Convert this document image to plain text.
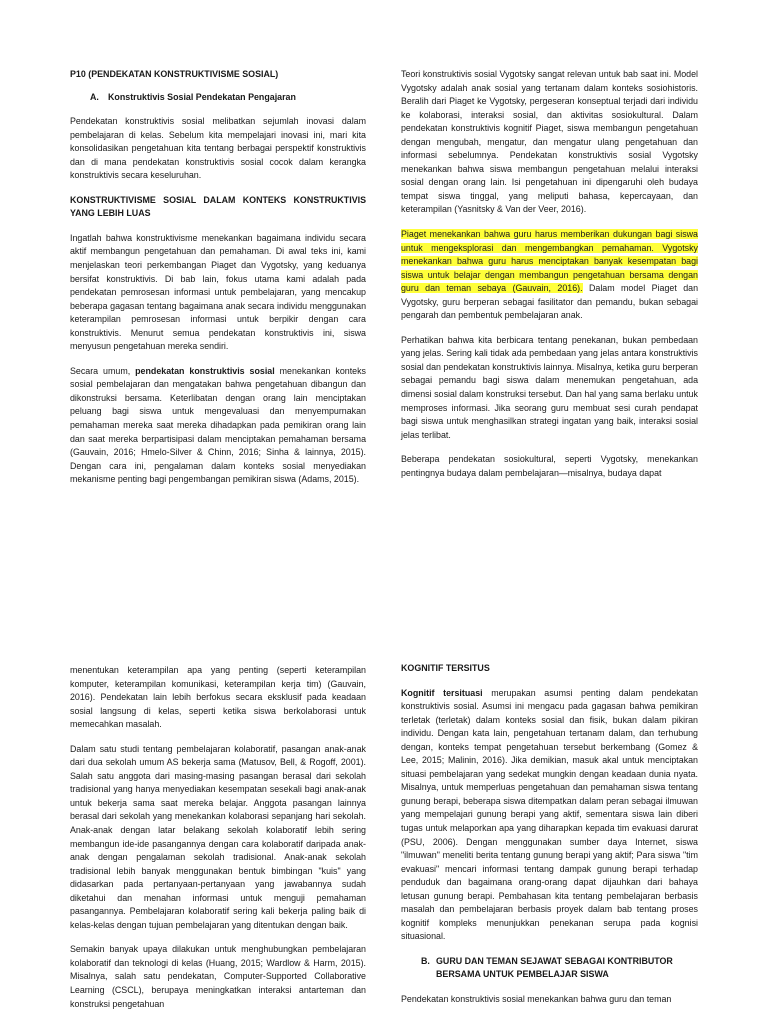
P10 (PENDEKATAN KONSTRUKTIVISME SOSIAL)
A. Konstruktivis Sosial Pendekatan Pengajaran

Pendekatan konstruktivis sosial melibatkan sejumlah inovasi dalam pembelajaran di kelas. Sebelum kita mempelajari inovasi ini, mari kita konsolidasikan pengetahuan kita tentang berbagai perspektif konstruktivis dan di mana pendekatan konstruktivis sosial cocok dalam kerangka konstruktivis secara keseluruhan.

KONSTRUKTIVISME SOSIAL DALAM KONTEKS KONSTRUKTIVIS YANG LEBIH LUAS

Ingatlah bahwa konstruktivisme menekankan bagaimana individu secara aktif membangun pengetahuan dan pemahaman. Di awal teks ini, kami menjelaskan teori perkembangan Piaget dan Vygotsky, yang keduanya bersifat konstruktivis. Di bab lain, fokus utama kami adalah pada pendekatan pemrosesan informasi untuk pembelajaran, yang mencakup beberapa gagasan tentang bagaimana anak secara individu menggunakan keterampilan pemrosesan informasi untuk berpikir dengan cara konstruktivis. Menurut semua pendekatan konstruktivis ini, siswa menyusun pengetahuan mereka sendiri.

Secara umum, pendekatan konstruktivis sosial menekankan konteks sosial pembelajaran dan mengatakan bahwa pengetahuan dibangun dan dikonstruksi bersama. Keterlibatan dengan orang lain menciptakan peluang bagi siswa untuk mengevaluasi dan menyempurnakan pemahaman mereka saat mereka dihadapkan pada pemikiran orang lain dan saat mereka berpartisipasi dalam menciptakan pemahaman bersama (Gauvain, 2016; Hmelo-Silver & Chinn, 2016; Sinha & lainnya, 2015). Dengan cara ini, pengalaman dalam konteks sosial menyediakan mekanisme penting bagi pengembangan pemikiran siswa (Adams, 2015).

Teori konstruktivis sosial Vygotsky sangat relevan untuk bab saat ini. Model Vygotsky adalah anak sosial yang tertanam dalam konteks sosiohistoris. Beralih dari Piaget ke Vygotsky, pergeseran konseptual terjadi dari individu ke kolaborasi, interaksi sosial, dan aktivitas sosiokultural. Dalam pendekatan konstruktivis kognitif Piaget, siswa membangun pengetahuan dengan mengubah, mengatur, dan mengatur ulang pengetahuan dan informasi sebelumnya. Pendekatan konstruktivis sosial Vygotsky menekankan bahwa siswa membangun pengetahuan melalui interaksi sosial dengan orang lain. Isi pengetahuan ini dipengaruhi oleh budaya tempat siswa tinggal, yang meliputi bahasa, kepercayaan, dan keterampilan (Yasnitsky & Van der Veer, 2016).

Piaget menekankan bahwa guru harus memberikan dukungan bagi siswa untuk mengeksplorasi dan mengembangkan pemahaman. Vygotsky menekankan bahwa guru harus menciptakan banyak kesempatan bagi siswa untuk belajar dengan membangun pengetahuan bersama dengan guru dan teman sebaya (Gauvain, 2016). Dalam model Piaget dan Vygotsky, guru berperan sebagai fasilitator dan pemandu, bukan sebagai pengarah dan pembentuk pembelajaran anak.

Perhatikan bahwa kita berbicara tentang penekanan, bukan pembedaan yang jelas. Sering kali tidak ada pembedaan yang jelas antara konstruktivis sosial dan pendekatan konstruktivis lainnya. Misalnya, ketika guru berperan sebagai pemandu bagi siswa dalam menemukan pengetahuan, ada dimensi sosial dalam konstruksi tersebut. Dan hal yang sama berlaku untuk memproses informasi. Jika seorang guru membuat sesi curah pendapat bagi siswa untuk menghasilkan strategi ingatan yang baik, interaksi sosial jelas terlibat.

Beberapa pendekatan sosiokultural, seperti Vygotsky, menekankan pentingnya budaya dalam pembelajaran—misalnya, budaya dapat

menentukan keterampilan apa yang penting (seperti keterampilan komputer, keterampilan komunikasi, keterampilan kerja tim) (Gauvain, 2016). Pendekatan lain lebih berfokus secara eksklusif pada keadaan sosial langsung di kelas, seperti ketika siswa berkolaborasi untuk memecahkan masalah.

Dalam satu studi tentang pembelajaran kolaboratif, pasangan anak-anak dari dua sekolah umum AS bekerja sama (Matusov, Bell, & Rogoff, 2001). Salah satu anggota dari masing-masing pasangan berasal dari sekolah tradisional yang hanya menyediakan kesempatan sesekali bagi anak-anak untuk bekerja sama saat mereka belajar. Anggota pasangan lainnya berasal dari sekolah yang menekankan kolaborasi sepanjang hari sekolah. Anak-anak dengan latar belakang sekolah kolaboratif lebih sering membangun ide-ide pasangannya dengan cara kolaboratif daripada anak-anak dengan pengalaman sekolah tradisional. Anak-anak sekolah tradisional lebih banyak menggunakan bentuk bimbingan "kuis" yang didasarkan pada pertanyaan-pertanyaan yang jawabannya sudah diketahui dan menahan informasi untuk menguji pemahaman pasangannya. Pembelajaran kolaboratif sering kali bekerja paling baik di kelas-kelas dengan tujuan pembelajaran yang ditentukan dengan baik.

Semakin banyak upaya dilakukan untuk menghubungkan pembelajaran kolaboratif dan teknologi di kelas (Huang, 2015; Wardlow & Harm, 2015). Misalnya, salah satu pendekatan, Computer-Supported Collaborative Learning (CSCL), berupaya meningkatkan interaksi antarteman dan konstruksi pengetahuan

KOGNITIF TERSITUS

Kognitif tersituasi merupakan asumsi penting dalam pendekatan konstruktivis sosial. Asumsi ini mengacu pada gagasan bahwa pemikiran terletak (terletak) dalam konteks sosial dan fisik, bukan dalam pikiran individu. Dengan kata lain, pengetahuan tertanam dalam, dan terhubung dengan, konteks tempat pengetahuan tersebut berkembang (Gomez & Lee, 2015; Malinin, 2016). Jika demikian, masuk akal untuk menciptakan situasi pembelajaran yang sedekat mungkin dengan keadaan dunia nyata. Misalnya, untuk memperluas pengetahuan dan pemahaman siswa tentang gunung berapi, beberapa siswa ditempatkan dalam peran sebagai ilmuwan yang mempelajari gunung berapi yang aktif, sementara siswa lain diberi tugas untuk melaporkan apa yang diharapkan kepada tim evakuasi darurat (PSU, 2006). Dengan menggunakan sumber daya Internet, siswa "ilmuwan" meneliti berita tentang gunung berapi yang aktif; Para siswa "tim evakuasi" mencari informasi tentang dampak gunung berapi terhadap penduduk dan bagaimana orang-orang dapat dijauhkan dari bahaya letusan gunung berapi. Pembahasan kita tentang pembelajaran berbasis masalah dan pembelajaran berbasis proyek dalam bab tentang proses kognitif kompleks menunjukkan penekanan serupa pada kognisi situasional.

B. GURU DAN TEMAN SEJAWAT SEBAGAI KONTRIBUTOR BERSAMA UNTUK PEMBELAJAR SISWA

Pendekatan konstruktivis sosial menekankan bahwa guru dan teman
